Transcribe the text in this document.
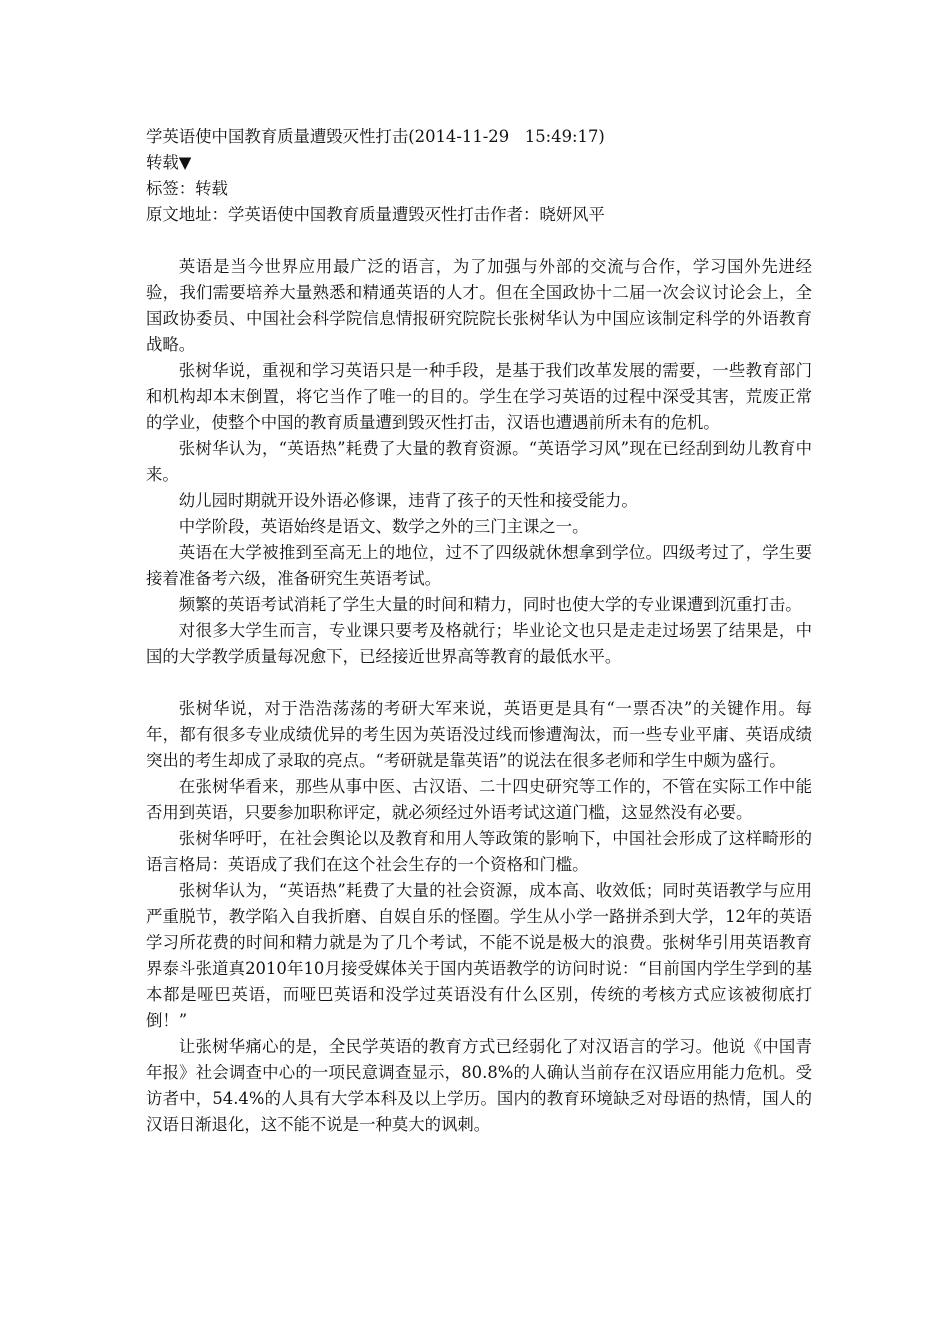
学英语使中国教育质量遭毁灭性打击(2014-11-29   15:49:17)
转载▼
标签：转载
原文地址：学英语使中国教育质量遭毁灭性打击作者：晓妍风平

英语是当今世界应用最广泛的语言，为了加强与外部的交流与合作，学习国外先进经验，我们需要培养大量熟悉和精通英语的人才。但在全国政协十二届一次会议讨论会上，全国政协委员、中国社会科学院信息情报研究院院长张树华认为中国应该制定科学的外语教育战略。

张树华说，重视和学习英语只是一种手段，是基于我们改革发展的需要，一些教育部门和机构却本末倒置，将它当作了唯一的目的。学生在学习英语的过程中深受其害，荒废正常的学业，使整个中国的教育质量遭到毁灭性打击，汉语也遭遇前所未有的危机。

张树华认为，“英语热”耗费了大量的教育资源。“英语学习风”现在已经刮到幼儿教育中来。

幼儿园时期就开设外语必修课，违背了孩子的天性和接受能力。

中学阶段，英语始终是语文、数学之外的三门主课之一。

英语在大学被推到至高无上的地位，过不了四级就休想拿到学位。四级考过了，学生要接着准备考六级，准备研究生英语考试。

频繁的英语考试消耗了学生大量的时间和精力，同时也使大学的专业课遭到沉重打击。

对很多大学生而言，专业课只要考及格就行；毕业论文也只是走走过场罢了结果是，中国的大学教学质量每况愈下，已经接近世界高等教育的最低水平。

张树华说，对于浩浩荡荡的考研大军来说，英语更是具有“一票否决”的关键作用。每年，都有很多专业成绩优异的考生因为英语没过线而惨遭淘汰，而一些专业平庸、英语成绩突出的考生却成了录取的亮点。“考研就是靠英语”的说法在很多老师和学生中颇为盛行。

在张树华看来，那些从事中医、古汉语、二十四史研究等工作的，不管在实际工作中能否用到英语，只要参加职称评定，就必须经过外语考试这道门槛，这显然没有必要。

张树华呼吁，在社会舆论以及教育和用人等政策的影响下，中国社会形成了这样畸形的语言格局：英语成了我们在这个社会生存的一个资格和门槛。

张树华认为，“英语热”耗费了大量的社会资源，成本高、收效低；同时英语教学与应用严重脱节，教学陷入自我折磨、自娱自乐的怪圈。学生从小学一路拼杀到大学，12年的英语学习所花费的时间和精力就是为了几个考试，不能不说是极大的浪费。张树华引用英语教育界泰斗张道真2010年10月接受媒体关于国内英语教学的访问时说：“目前国内学生学到的基本都是哑巴英语，而哑巴英语和没学过英语没有什么区别，传统的考核方式应该被彻底打倒！”

让张树华痛心的是，全民学英语的教育方式已经弱化了对汉语言的学习。他说《中国青年报》社会调查中心的一项民意调查显示，80.8%的人确认当前存在汉语应用能力危机。受访者中，54.4%的人具有大学本科及以上学历。国内的教育环境缺乏对母语的热情，国人的汉语日渐退化，这不能不说是一种莫大的讽刺。
